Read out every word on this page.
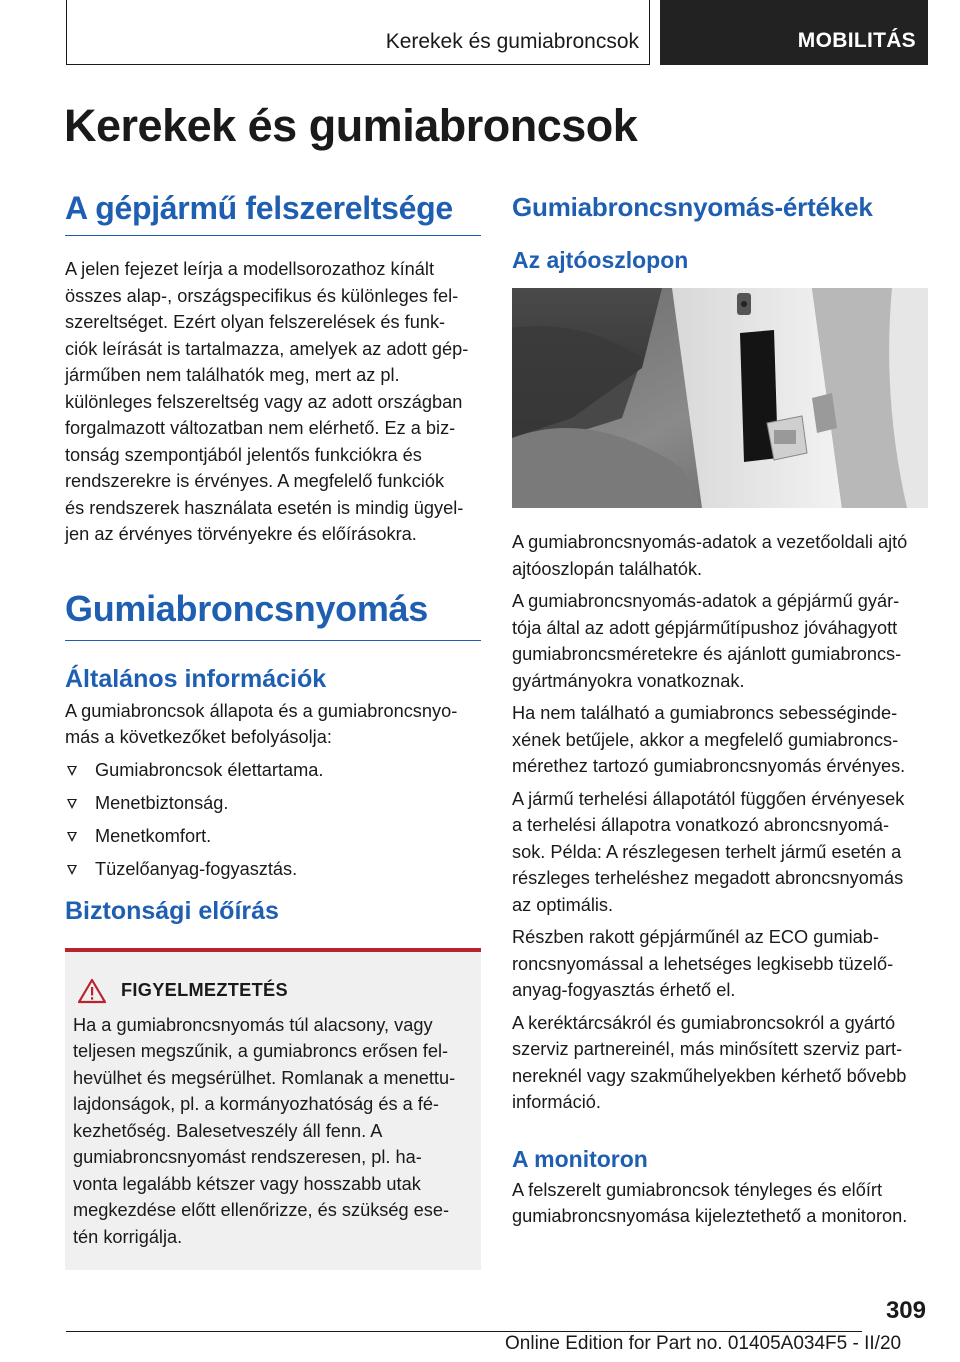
Kerekek és gumiabroncsok	MOBILITÁS
Kerekek és gumiabroncsok
A gépjármű felszereltsége

A jelen fejezet leírja a modellsorozathoz kínált
összes alap-, országspecifikus és különleges fel-
szereltséget. Ezért olyan felszerelések és funk-
ciók leírását is tartalmazza, amelyek az adott gép-
járműben nem találhatók meg, mert az pl.
különleges felszereltség vagy az adott országban
forgalmazott változatban nem elérhető. Ez a biz-
tonság szempontjából jelentős funkciókra és
rendszerekre is érvényes. A megfelelő funkciók
és rendszerek használata esetén is mindig ügyel-
jen az érvényes törvényekre és előírásokra.

Gumiabroncsnyomás
Általános információk

A gumiabroncsok állapota és a gumiabroncsnyo-
más a következőket befolyásolja:

Gumiabroncsok élettartama.
Menetbiztonság.
Menetkomfort.
Tüzelőanyag-fogyasztás.
Biztonsági előírás
FIGYELMEZTETÉS

Ha a gumiabroncsnyomás túl alacsony, vagy
teljesen megszűnik, a gumiabroncs erősen fel-
hevülhet és megsérülhet. Romlanak a menettu-
lajdonságok, pl. a kormányozhatóság és a fé-
kezhetőség. Balesetveszély áll fenn. A
gumiabroncsnyomást rendszeresen, pl. ha-
vonta legalább kétszer vagy hosszabb utak
megkezdése előtt ellenőrizze, és szükség ese-
tén korrigálja.

Gumiabroncsnyomás-értékek
Az ajtóoszlopon

A gumiabroncsnyomás-adatok a vezetőoldali ajtó
ajtóoszlopán találhatók.

A gumiabroncsnyomás-adatok a gépjármű gyár-
tója által az adott gépjárműtípushoz jóváhagyott
gumiabroncsméretekre és ajánlott gumiabroncs-
gyártmányokra vonatkoznak.

Ha nem található a gumiabroncs sebességinde-
xének betűjele, akkor a megfelelő gumiabroncs-
mérethez tartozó gumiabroncsnyomás érvényes.

A jármű terhelési állapotától függően érvényesek
a terhelési állapotra vonatkozó abroncsnyomá-
sok. Példa: A részlegesen terhelt jármű esetén a
részleges terheléshez megadott abroncsnyomás
az optimális.

Részben rakott gépjárműnél az ECO gumiab-
roncsnyomással a lehetséges legkisebb tüzelő-
anyag-fogyasztás érhető el.

A keréktárcsákról és gumiabroncsokról a gyártó
szerviz partnereinél, más minősített szerviz part-
nereknél vagy szakműhelyekben kérhető bővebb
információ.

A monitoron

A felszerelt gumiabroncsok tényleges és előírt
gumiabroncsnyomása kijeleztethető a monitoron.

309
Online Edition for Part no. 01405A034F5 - II/20
